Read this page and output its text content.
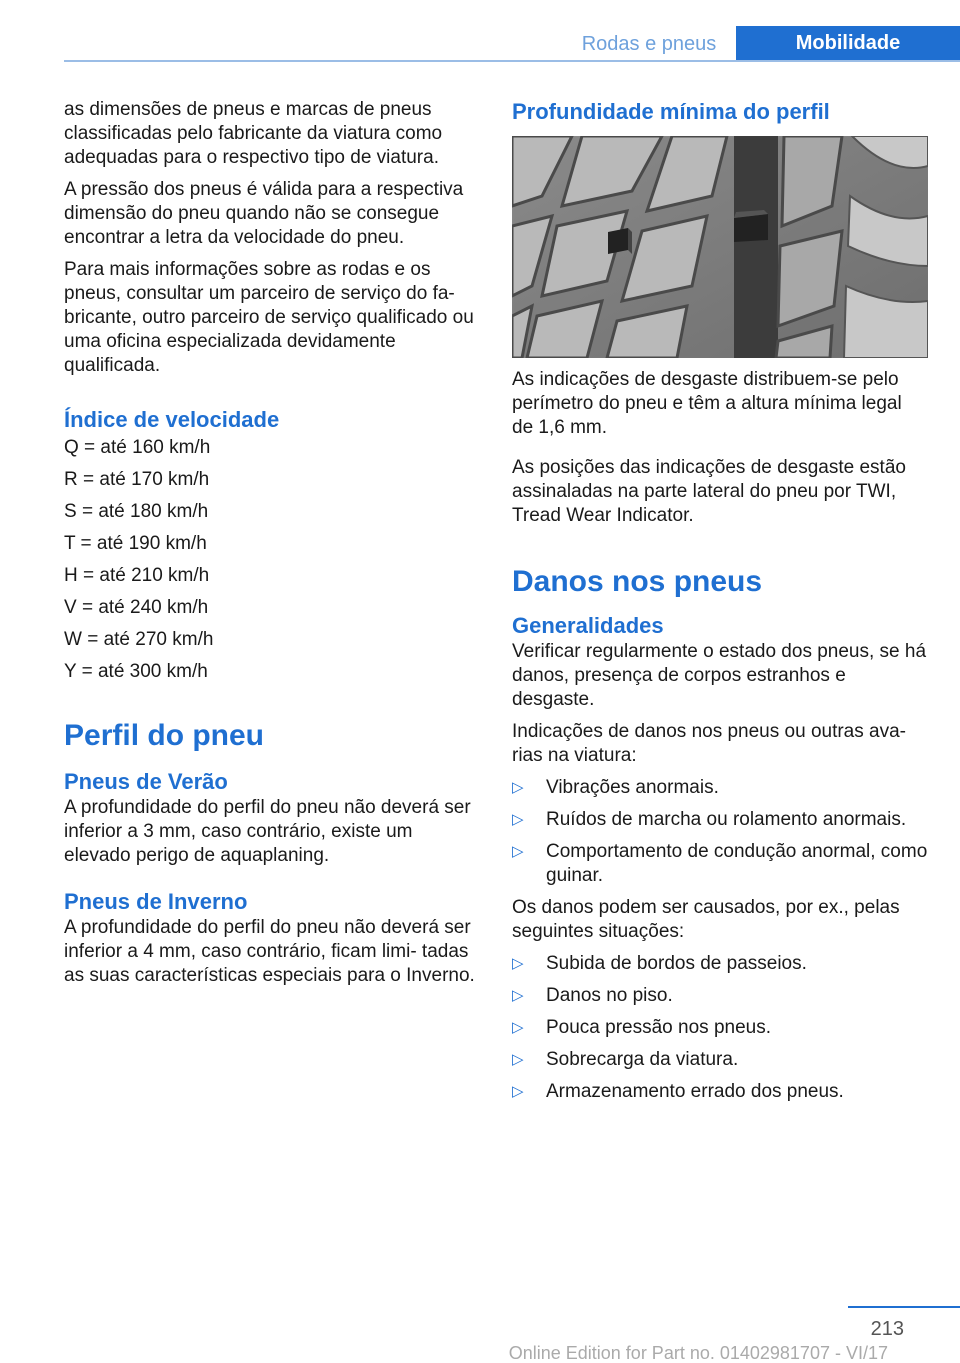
Rodas e pneus	Mobilidade

as dimensões de pneus e marcas de pneus classificadas pelo fabricante da viatura como adequadas para o respectivo tipo de viatura.

A pressão dos pneus é válida para a respectiva dimensão do pneu quando não se consegue encontrar a letra da velocidade do pneu.

Para mais informações sobre as rodas e os pneus, consultar um parceiro de serviço do fa‐ bricante, outro parceiro de serviço qualificado ou uma oficina especializada devidamente qualificada.

Índice de velocidade

Q = até 160 km/h

R = até 170 km/h

S = até 180 km/h

T = até 190 km/h

H = até 210 km/h

V = até 240 km/h

W = até 270 km/h

Y = até 300 km/h

Perfil do pneu
Pneus de Verão

A profundidade do perfil do pneu não deverá ser inferior a 3 mm, caso contrário, existe um elevado perigo de aquaplaning.

Pneus de Inverno

A profundidade do perfil do pneu não deverá ser inferior a 4 mm, caso contrário, ficam limi‐ tadas as suas características especiais para o Inverno.

Profundidade mínima do perfil

As indicações de desgaste distribuem-se pelo perímetro do pneu e têm a altura mínima legal de 1,6 mm.

As posições das indicações de desgaste estão assinaladas na parte lateral do pneu por TWI, Tread Wear Indicator.

Danos nos pneus
Generalidades

Verificar regularmente o estado dos pneus, se há danos, presença de corpos estranhos e desgaste.

Indicações de danos nos pneus ou outras ava‐ rias na viatura:

▷ Vibrações anormais.
▷ Ruídos de marcha ou rolamento anormais.
▷ Comportamento de condução anormal, como guinar.

Os danos podem ser causados, por ex., pelas seguintes situações:

▷ Subida de bordos de passeios.
▷ Danos no piso.
▷ Pouca pressão nos pneus.
▷ Sobrecarga da viatura.
▷ Armazenamento errado dos pneus.
213
Online Edition for Part no. 01402981707 - VI/17
